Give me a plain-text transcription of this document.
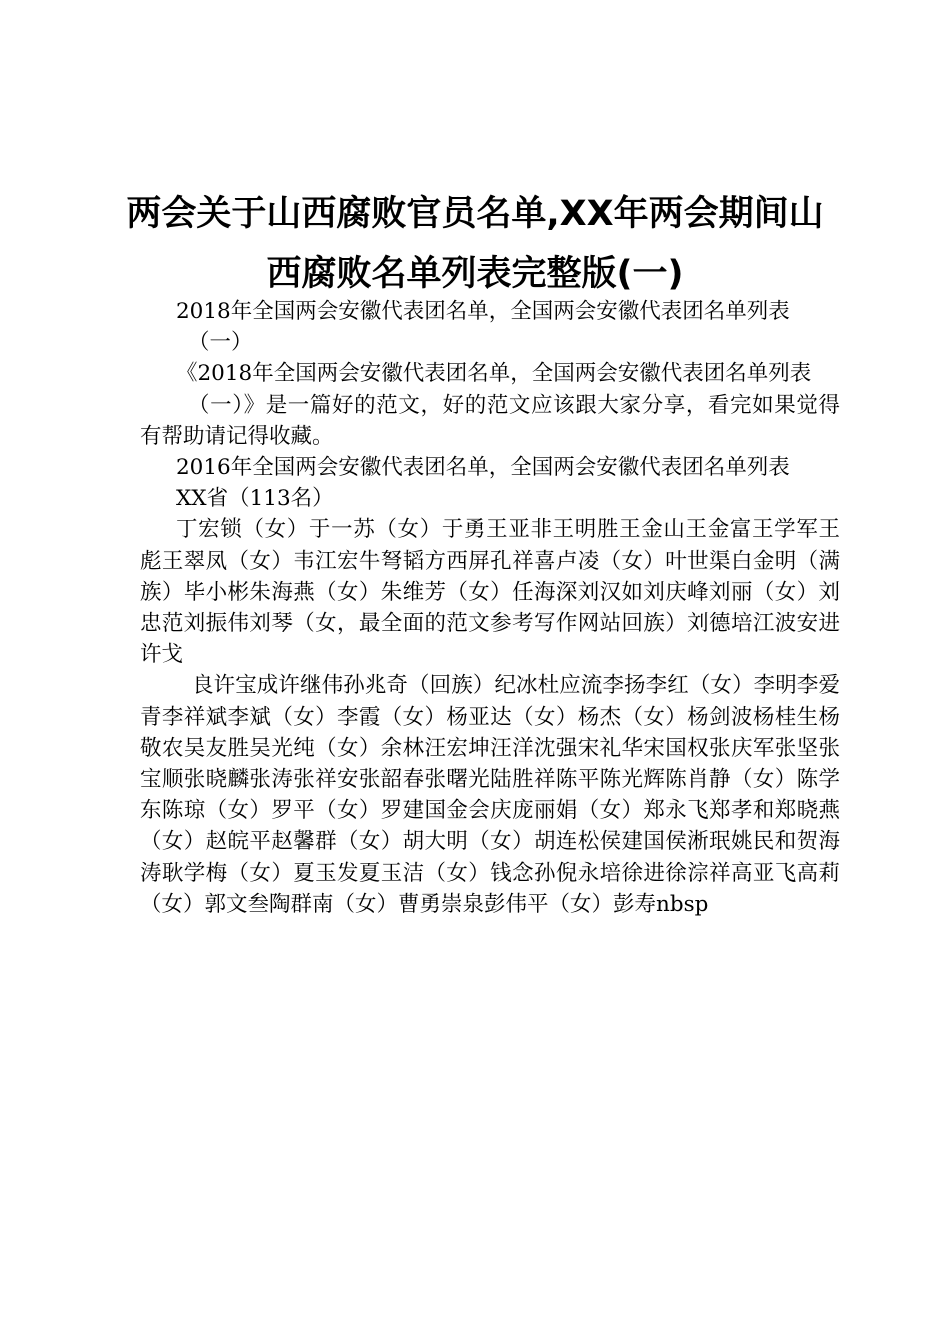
两会关于山西腐败官员名单,XX年两会期间山
西腐败名单列表完整版(一)

2018年全国两会安徽代表团名单，全国两会安徽代表团名单列表

（一）

《2018年全国两会安徽代表团名单，全国两会安徽代表团名单列表

（一）》是一篇好的范文，好的范文应该跟大家分享，看完如果觉得有帮助请记得收藏。

2016年全国两会安徽代表团名单，全国两会安徽代表团名单列表

XX省（113名）

丁宏锁（女）于一苏（女）于勇王亚非王明胜王金山王金富王学军王彪王翠凤（女）韦江宏牛弩韬方西屏孔祥喜卢凌（女）叶世渠白金明（满族）毕小彬朱海燕（女）朱维芳（女）任海深刘汉如刘庆峰刘丽（女）刘忠范刘振伟刘琴（女，最全面的范文参考写作网站回族）刘德培江波安进许戈

良许宝成许继伟孙兆奇（回族）纪冰杜应流李扬李红（女）李明李爱青李祥斌李斌（女）李霞（女）杨亚达（女）杨杰（女）杨剑波杨桂生杨敬农吴友胜吴光纯（女）余林汪宏坤汪洋沈强宋礼华宋国权张庆军张坚张宝顺张晓麟张涛张祥安张韶春张曙光陆胜祥陈平陈光辉陈肖静（女）陈学东陈琼（女）罗平（女）罗建国金会庆庞丽娟（女）郑永飞郑孝和郑晓燕（女）赵皖平赵馨群（女）胡大明（女）胡连松侯建国侯淅珉姚民和贺海涛耿学梅（女）夏玉发夏玉洁（女）钱念孙倪永培徐进徐淙祥高亚飞高莉（女）郭文叁陶群南（女）曹勇崇泉彭伟平（女）彭寿nbsp
